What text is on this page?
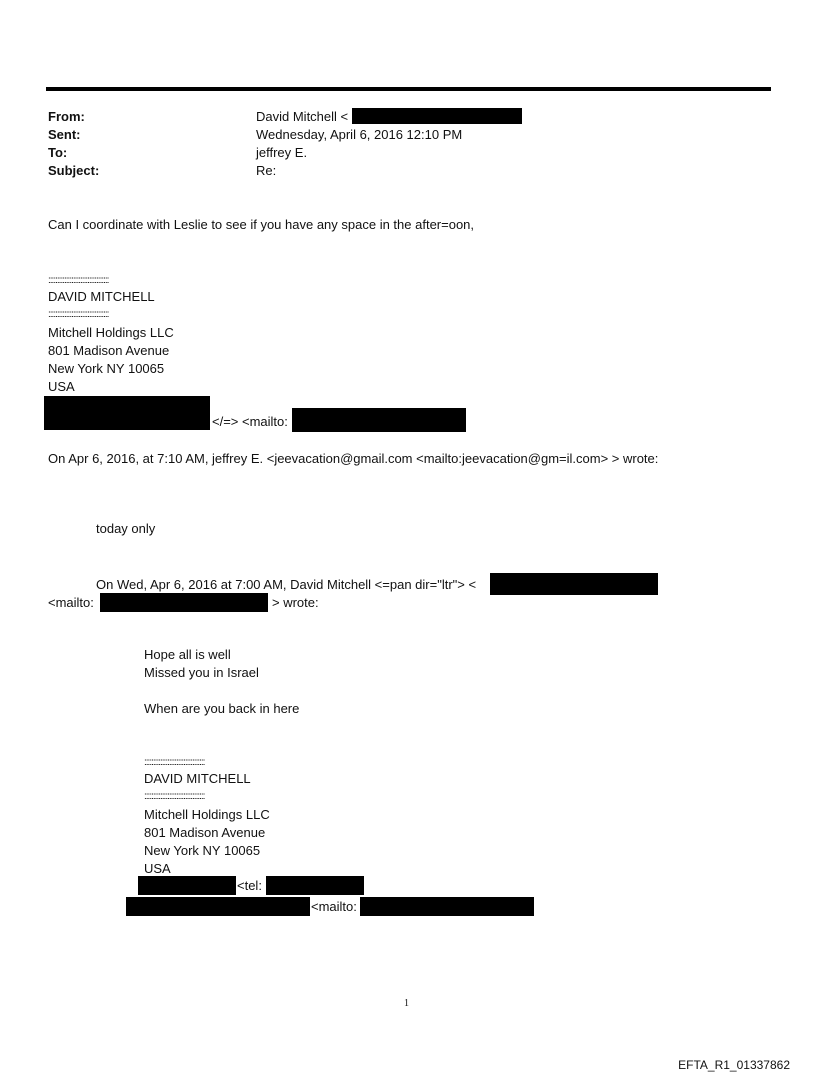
From:	David Mitchell <
Sent:	Wednesday, April 6, 2016 12:10 PM
To:	jeffrey E.
Subject:	Re:
Can I coordinate with Leslie to see if you have any space in the after=oon,
::::::::::::::::::::::::::::::::::
DAVID MITCHELL
::::::::::::::::::::::::::::::::::
Mitchell Holdings LLC
801 Madison Avenue
New York NY 10065
USA
</=> <mailto:
On Apr 6, 2016, at 7:10 AM, jeffrey E. <jeevacation@gmail.com <mailto:jeevacation@gm=il.com> > wrote:
today only
On Wed, Apr 6, 2016 at 7:00 AM, David Mitchell <=pan dir="ltr"> <
<mailto:	> wrote:
Hope all is well
Missed you in Israel
When are you back in here
::::::::::::::::::::::::::::::::::
DAVID MITCHELL
::::::::::::::::::::::::::::::::::
Mitchell Holdings LLC
801 Madison Avenue
New York NY 10065
USA
<tel:
<mailto:
1
EFTA_R1_01337862
